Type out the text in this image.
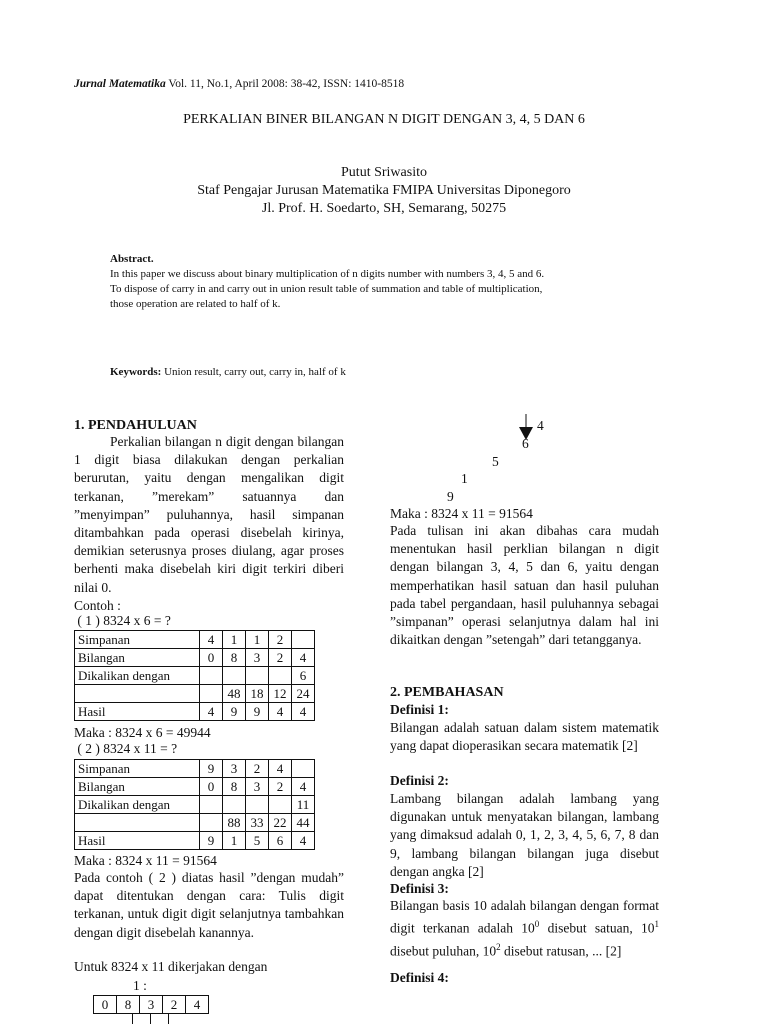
Jurnal Matematika Vol. 11, No.1, April 2008: 38-42, ISSN: 1410-8518
PERKALIAN BINER BILANGAN N DIGIT DENGAN 3, 4, 5 DAN 6
Putut Sriwasito
Staf Pengajar Jurusan Matematika FMIPA Universitas Diponegoro
Jl. Prof. H. Soedarto, SH, Semarang, 50275
Abstract.
In this paper we discuss about binary multiplication of n digits number with numbers 3, 4, 5 and 6.
To dispose of carry in and carry out in union result table of summation and table of multiplication,
those operation are related to half of k.
Keywords: Union result, carry out, carry in, half of k
1. PENDAHULUAN
Perkalian bilangan n digit dengan bilangan 1 digit biasa dilakukan dengan perkalian berurutan, yaitu dengan mengalikan digit terkanan, ”merekam” satuannya dan ”menyimpan” puluhannya, hasil simpanan ditambahkan pada operasi disebelah kirinya, demikian seterusnya proses diulang, agar proses berhenti maka disebelah kiri digit terkiri diberi nilai 0.
Contoh :
( 1 ) 8324 x 6 = ?
Simpanan	4	1	1	2	
Bilangan	0	8	3	2	4
Dikalikan dengan					6
		48	18	12	24
Hasil	4	9	9	4	4
Maka : 8324 x 6 = 49944
( 2 ) 8324 x 11 = ?
Simpanan	9	3	2	4	
Bilangan	0	8	3	2	4
Dikalikan dengan					11
		88	33	22	44
Hasil	9	1	5	6	4
Maka : 8324 x 11 = 91564
Pada contoh ( 2 ) diatas hasil ”dengan mudah” dapat ditentukan dengan cara: Tulis digit terkanan, untuk digit digit selanjutnya tambahkan dengan digit disebelah kanannya.
Untuk 8324 x 11 dikerjakan dengan
1 :
0	8	3	2	4
4
6
5
1
9
Maka : 8324 x 11 = 91564
Pada tulisan ini akan dibahas cara mudah menentukan hasil perklian bilangan n digit dengan bilangan 3, 4, 5 dan 6, yaitu dengan memperhatikan hasil satuan dan hasil puluhan pada tabel pergandaan, hasil puluhannya sebagai ”simpanan” operasi selanjutnya dalam hal ini dikaitkan dengan ”setengah” dari tetangganya.
2. PEMBAHASAN
Definisi 1:
Bilangan adalah satuan dalam sistem matematik yang dapat dioperasikan secara matematik [2]
Definisi 2:
Lambang bilangan adalah lambang yang digunakan untuk menyatakan bilangan, lambang yang dimaksud adalah 0, 1, 2, 3, 4, 5, 6, 7, 8 dan 9, lambang bilangan bilangan juga disebut dengan angka [2]
Definisi 3:
Bilangan basis 10 adalah bilangan dengan format digit terkanan adalah $10^0$ disebut satuan, $10^1$ disebut puluhan, $10^2$ disebut ratusan, ... [2]
Definisi 4:
